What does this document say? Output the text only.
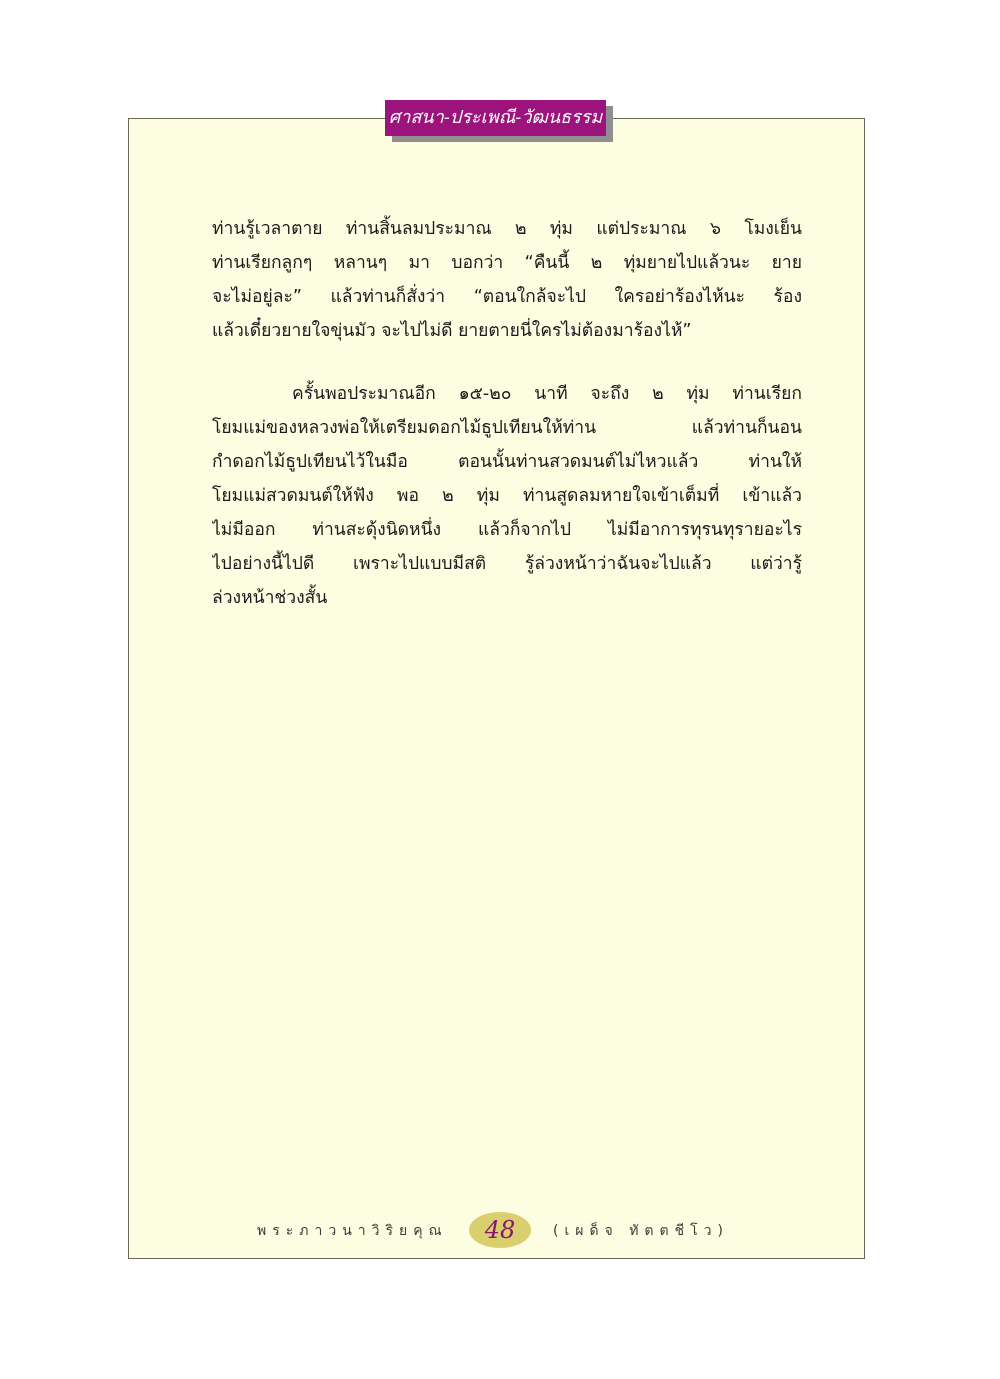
ศาสนา-ประเพณี-วัฒนธรรม
ท่านรู้เวลาตาย ท่านสิ้นลมประมาณ ๒ ทุ่ม แต่ประมาณ ๖ โมงเย็น
ท่านเรียกลูกๆ หลานๆ มา บอกว่า “คืนนี้ ๒ ทุ่มยายไปแล้วนะ ยาย
จะไม่อยู่ละ” แล้วท่านก็สั่งว่า “ตอนใกล้จะไป ใครอย่าร้องไห้นะ ร้อง
แล้วเดี๋ยวยายใจขุ่นมัว จะไปไม่ดี ยายตายนี่ใครไม่ต้องมาร้องไห้”
ครั้นพอประมาณอีก ๑๕-๒๐ นาที จะถึง ๒ ทุ่ม ท่านเรียก
โยมแม่ของหลวงพ่อให้เตรียมดอกไม้ธูปเทียนให้ท่าน แล้วท่านก็นอน
กำดอกไม้ธูปเทียนไว้ในมือ ตอนนั้นท่านสวดมนต์ไม่ไหวแล้ว ท่านให้
โยมแม่สวดมนต์ให้ฟัง พอ ๒ ทุ่ม ท่านสูดลมหายใจเข้าเต็มที่ เข้าแล้ว
ไม่มีออก ท่านสะดุ้งนิดหนึ่ง แล้วก็จากไป ไม่มีอาการทุรนทุรายอะไร
ไปอย่างนี้ไปดี เพราะไปแบบมีสติ รู้ล่วงหน้าว่าฉันจะไปแล้ว แต่ว่ารู้
ล่วงหน้าช่วงสั้น
พระภาวนาวิริยคุณ	48	(เผด็จ ทัตตชีโว)
